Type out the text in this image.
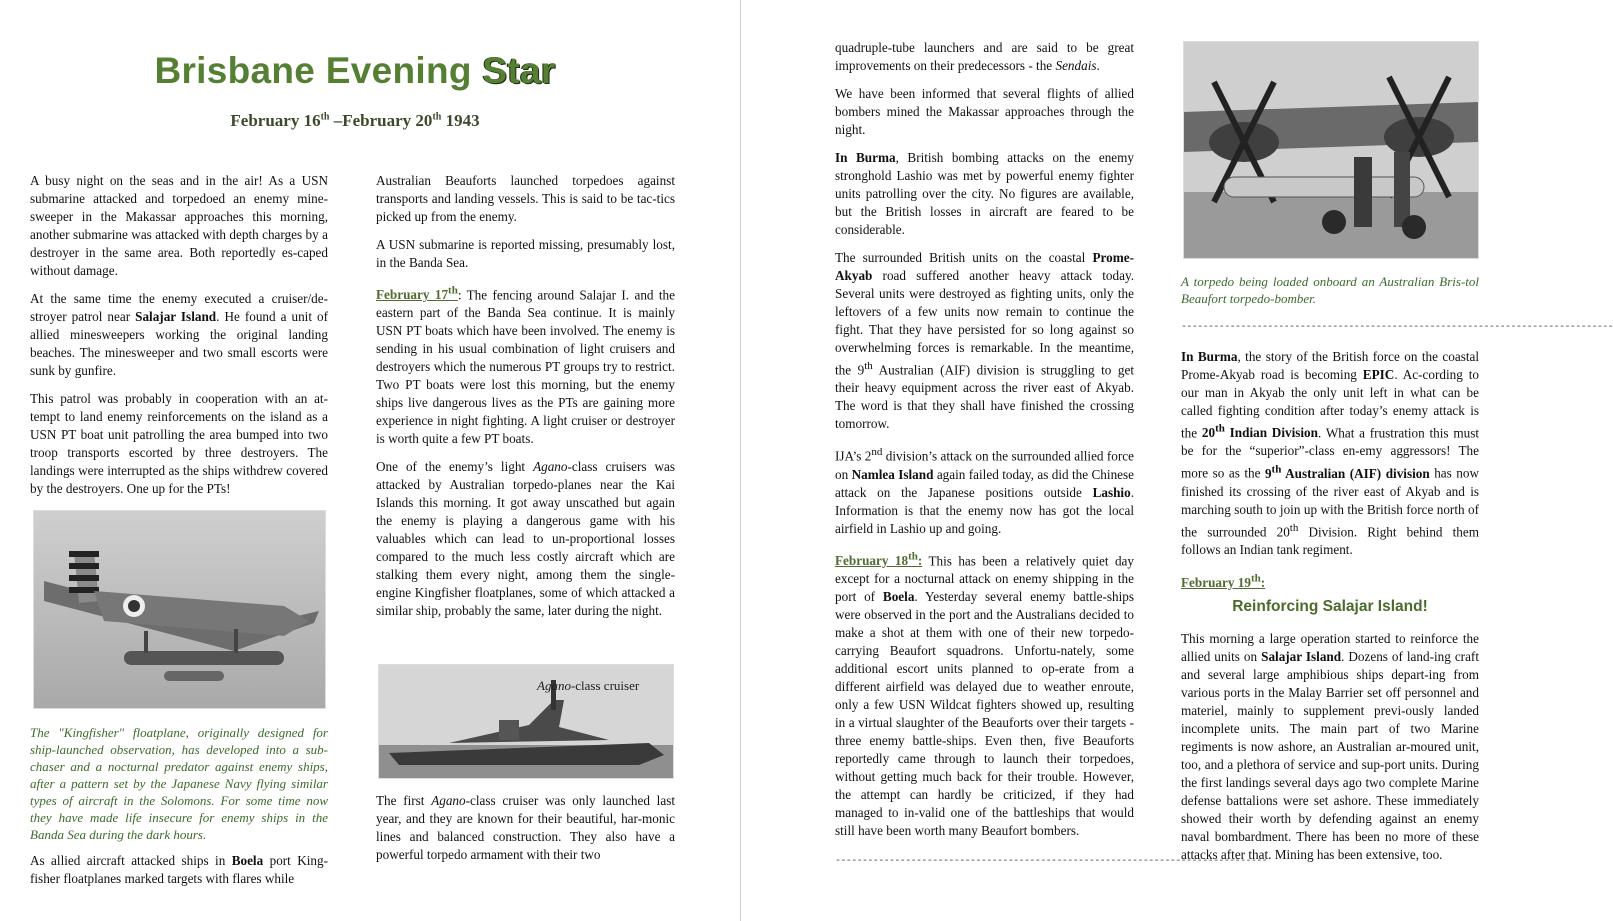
Brisbane Evening Star
February 16th –February 20th 1943

A busy night on the seas and in the air! As a USN submarine attacked and torpedoed an enemy mine-sweeper in the Makassar approaches this morning, another submarine was attacked with depth charges by a destroyer in the same area. Both reportedly es-caped without damage.

At the same time the enemy executed a cruiser/de-stroyer patrol near Salajar Island. He found a unit of allied minesweepers working the original landing beaches. The minesweeper and two small escorts were sunk by gunfire.

This patrol was probably in cooperation with an at-tempt to land enemy reinforcements on the island as a USN PT boat unit patrolling the area bumped into two troop transports escorted by three destroyers. The landings were interrupted as the ships withdrew covered by the destroyers. One up for the PTs!

The "Kingfisher" floatplane, originally designed for ship-launched observation, has developed into a sub-chaser and a nocturnal predator against enemy ships, after a pattern set by the Japanese Navy flying similar types of aircraft in the Solomons. For some time now they have made life insecure for enemy ships in the Banda Sea during the dark hours.

As allied aircraft attacked ships in Boela port King-fisher floatplanes marked targets with flares while

Australian Beauforts launched torpedoes against transports and landing vessels. This is said to be tac-tics picked up from the enemy.

A USN submarine is reported missing, presumably lost, in the Banda Sea.

February 17th: The fencing around Salajar I. and the eastern part of the Banda Sea continue. It is mainly USN PT boats which have been involved. The enemy is sending in his usual combination of light cruisers and destroyers which the numerous PT groups try to restrict. Two PT boats were lost this morning, but the enemy ships live dangerous lives as the PTs are gaining more experience in night fighting. A light cruiser or destroyer is worth quite a few PT boats.

One of the enemy’s light Agano-class cruisers was attacked by Australian torpedo-planes near the Kai Islands this morning. It got away unscathed but again the enemy is playing a dangerous game with his valuables which can lead to un-proportional losses compared to the much less costly aircraft which are stalking them every night, among them the single-engine Kingfisher floatplanes, some of which attacked a similar ship, probably the same, later during the night.

Agano-class cruiser

The first Agano-class cruiser was only launched last year, and they are known for their beautiful, har-monic lines and balanced construction. They also have a powerful torpedo armament with their two

quadruple-tube launchers and are said to be great improvements on their predecessors - the Sendais.

We have been informed that several flights of allied bombers mined the Makassar approaches through the night.

In Burma, British bombing attacks on the enemy stronghold Lashio was met by powerful enemy fighter units patrolling over the city. No figures are available, but the British losses in aircraft are feared to be considerable.

The surrounded British units on the coastal Prome-Akyab road suffered another heavy attack today. Several units were destroyed as fighting units, only the leftovers of a few units now remain to continue the fight. That they have persisted for so long against so overwhelming forces is remarkable. In the meantime, the 9th Australian (AIF) division is struggling to get their heavy equipment across the river east of Akyab. The word is that they shall have finished the crossing tomorrow.

IJA’s 2nd division’s attack on the surrounded allied force on Namlea Island again failed today, as did the Chinese attack on the Japanese positions outside Lashio. Information is that the enemy now has got the local airfield in Lashio up and going.

February 18th: This has been a relatively quiet day except for a nocturnal attack on enemy shipping in the port of Boela. Yesterday several enemy battle-ships were observed in the port and the Australians decided to make a shot at them with one of their new torpedo-carrying Beaufort squadrons. Unfortu-nately, some additional escort units planned to op-erate from a different airfield was delayed due to weather enroute, only a few USN Wildcat fighters showed up, resulting in a virtual slaughter of the Beauforts over their targets - three enemy battle-ships. Even then, five Beauforts reportedly came through to launch their torpedoes, without getting much back for their trouble. However, the attempt can hardly be criticized, if they had managed to in-valid one of the battleships that would still have been worth many Beaufort bombers.

--------------------------------------------------------------------------------
A torpedo being loaded onboard an Australian Bris-tol Beaufort torpedo-bomber.
--------------------------------------------------------------------------------

In Burma, the story of the British force on the coastal Prome-Akyab road is becoming EPIC. Ac-cording to our man in Akyab the only unit left in what can be called fighting condition after today’s enemy attack is the 20th Indian Division. What a frustration this must be for the “superior”-class en-emy aggressors! The more so as the 9th Australian (AIF) division has now finished its crossing of the river east of Akyab and is marching south to join up with the British force north of the surrounded 20th Division. Right behind them follows an Indian tank regiment.

February 19th:

Reinforcing Salajar Island!

This morning a large operation started to reinforce the allied units on Salajar Island. Dozens of land-ing craft and several large amphibious ships depart-ing from various ports in the Malay Barrier set off personnel and materiel, mainly to supplement previ-ously landed incomplete units. The main part of two Marine regiments is now ashore, an Australian ar-moured unit, too, and a plethora of service and sup-port units. During the first landings several days ago two complete Marine defense battalions were set ashore. These immediately showed their worth by defending against an enemy naval bombardment. There has been no more of these attacks after that. Mining has been extensive, too.
